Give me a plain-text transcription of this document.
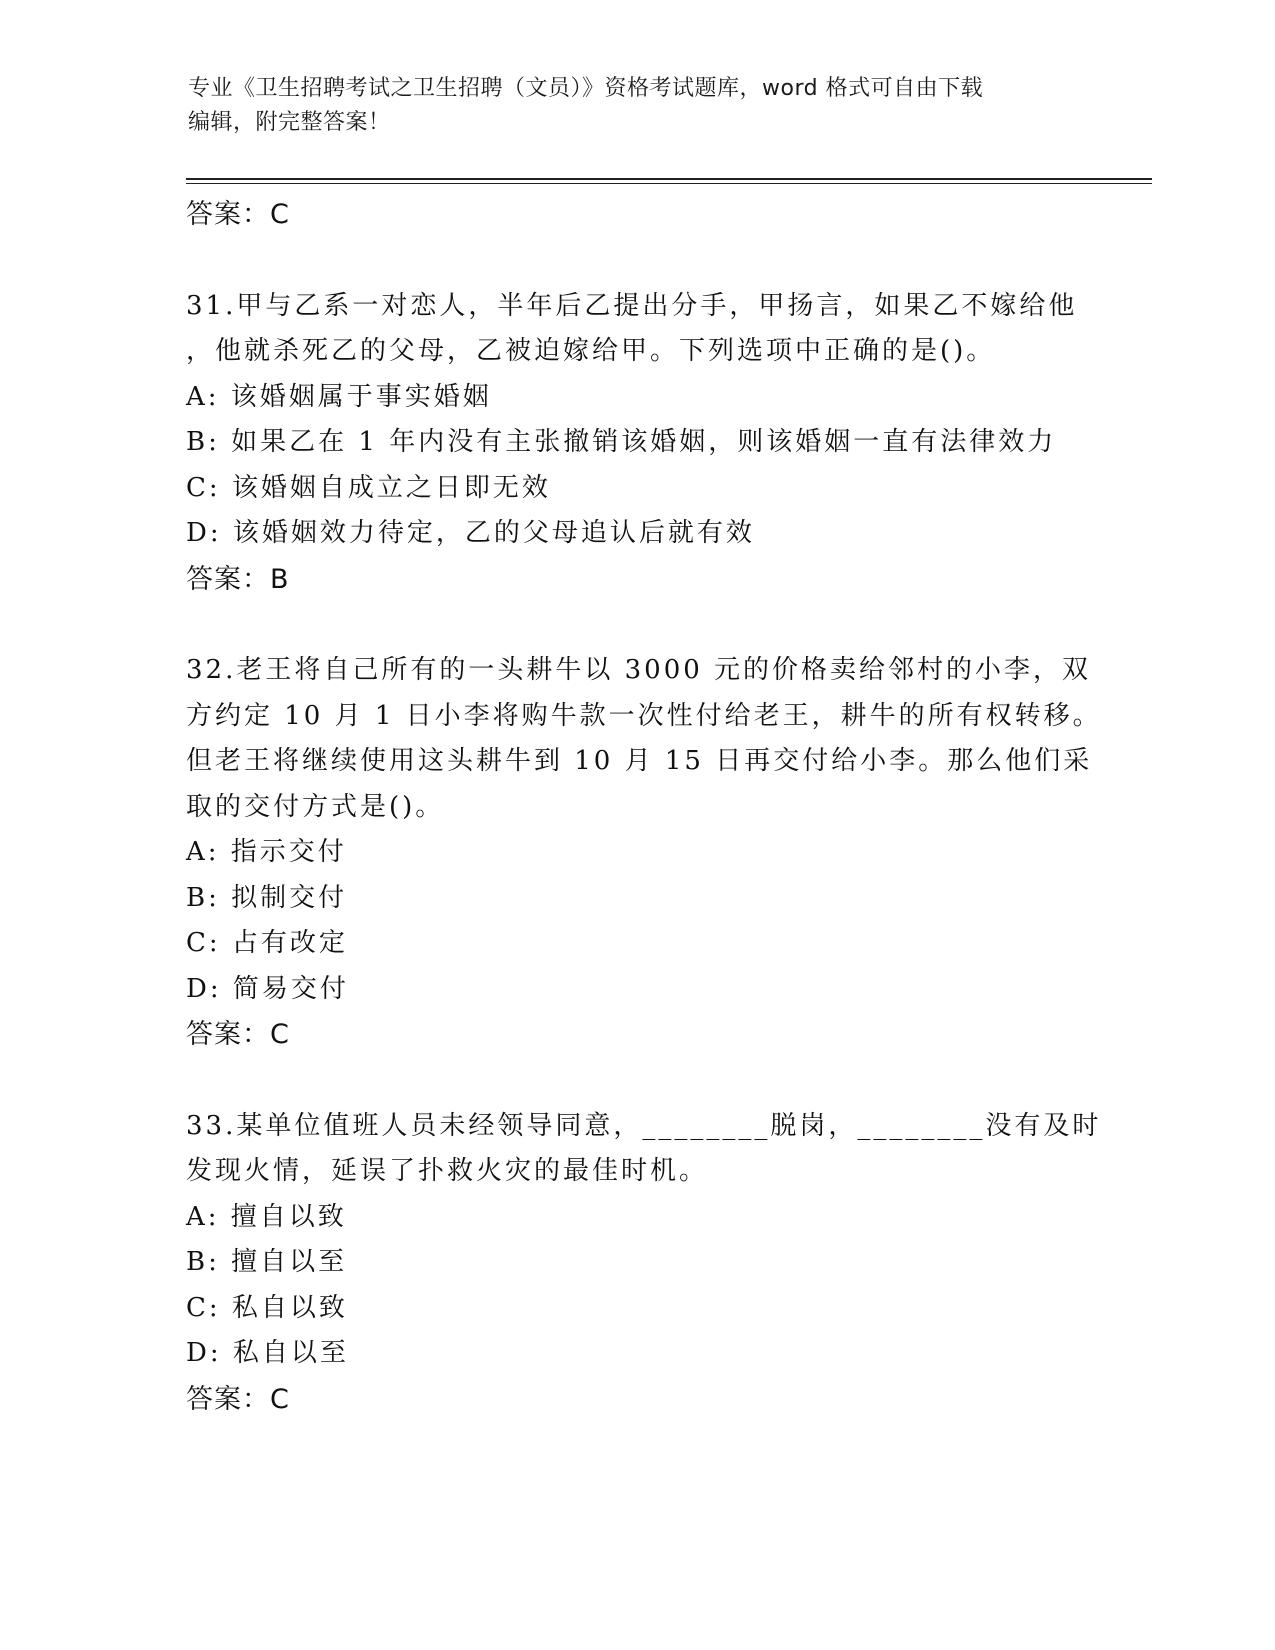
专业《卫生招聘考试之卫生招聘（文员）》资格考试题库，word 格式可自由下载
编辑，附完整答案！
答案：C
31.甲与乙系一对恋人，半年后乙提出分手，甲扬言，如果乙不嫁给他
，他就杀死乙的父母，乙被迫嫁给甲。下列选项中正确的是()。
A: 该婚姻属于事实婚姻
B: 如果乙在 1 年内没有主张撤销该婚姻，则该婚姻一直有法律效力
C: 该婚姻自成立之日即无效
D: 该婚姻效力待定，乙的父母追认后就有效
答案：B
32.老王将自己所有的一头耕牛以 3000 元的价格卖给邻村的小李，双
方约定 10 月 1 日小李将购牛款一次性付给老王，耕牛的所有权转移。
但老王将继续使用这头耕牛到 10 月 15 日再交付给小李。那么他们采
取的交付方式是()。
A: 指示交付
B: 拟制交付
C: 占有改定
D: 简易交付
答案：C
33.某单位值班人员未经领导同意，________脱岗，________没有及时
发现火情，延误了扑救火灾的最佳时机。
A: 擅自以致
B: 擅自以至
C: 私自以致
D: 私自以至
答案：C
